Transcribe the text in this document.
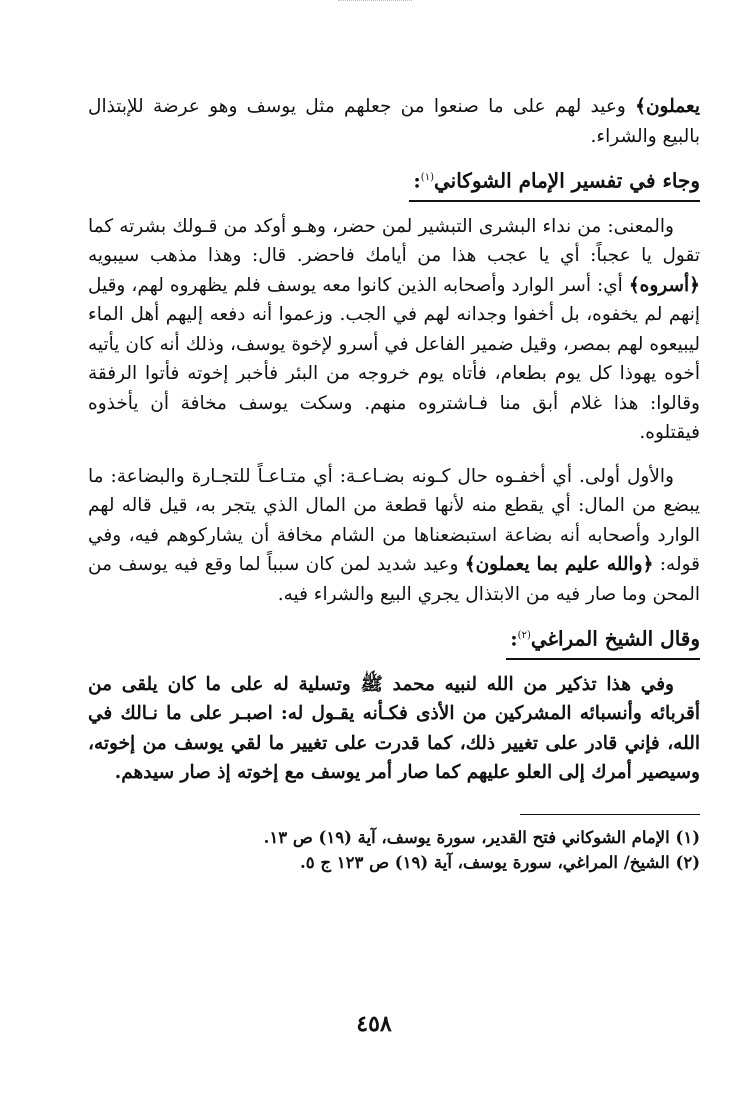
يعملون﴾ وعيد لهم على ما صنعوا من جعلهم مثل يوسف وهو عرضة للإبتذال بالبيع والشراء.

وجاء في تفسير الإمام الشوكاني$^{(١)}$:

والمعنى: من نداء البشرى التبشير لمن حضر، وهـو أوكد من قـولك بشرته كما تقول يا عجباً: أي يا عجب هذا من أيامك فاحضر. قال: وهذا مذهب سيبويه ﴿أسروه﴾ أي: أسر الوارد وأصحابه الذين كانوا معه يوسف فلم يظهروه لهم، وقيل إنهم لم يخفوه، بل أخفوا وجدانه لهم في الجب. وزعموا أنه دفعه إليهم أهل الماء ليبيعوه لهم بمصر، وقيل ضمير الفاعل في أسرو لإخوة يوسف، وذلك أنه كان يأتيه أخوه يهوذا كل يوم بطعام، فأتاه يوم خروجه من البئر فأخبر إخوته فأتوا الرفقة وقالوا: هذا غلام أبق منا فـاشتروه منهم. وسكت يوسف مخافة أن يأخذوه فيقتلوه.

والأول أولى. أي أخفـوه حال كـونه بضـاعـة: أي متـاعـاً للتجـارة والبضاعة: ما يبضع من المال: أي يقطع منه لأنها قطعة من المال الذي يتجر به، قيل قاله لهم الوارد وأصحابه أنه بضاعة استبضعناها من الشام مخافة أن يشاركوهم فيه، وفي قوله: ﴿والله عليم بما يعملون﴾ وعيد شديد لمن كان سبباً لما وقع فيه يوسف من المحن وما صار فيه من الابتذال يجري البيع والشراء فيه.

وقال الشيخ المراغي$^{(٢)}$:

وفي هذا تذكير من الله لنبيه محمد ﷺ وتسلية له على ما كان يلقى من أقربائه وأنسبائه المشركين من الأذى فكـأنه يقـول له: اصبـر على ما نـالك في الله، فإني قادر على تغيير ذلك، كما قدرت على تغيير ما لقي يوسف من إخوته، وسيصير أمرك إلى العلو عليهم كما صار أمر يوسف مع إخوته إذ صار سيدهم.

(١) الإمام الشوكاني فتح القدير، سورة يوسف، آية (١٩) ص ١٣.

(٢) الشيخ/ المراغي، سورة يوسف، آية (١٩) ص ١٢٣ ج ٥.

٤٥٨
